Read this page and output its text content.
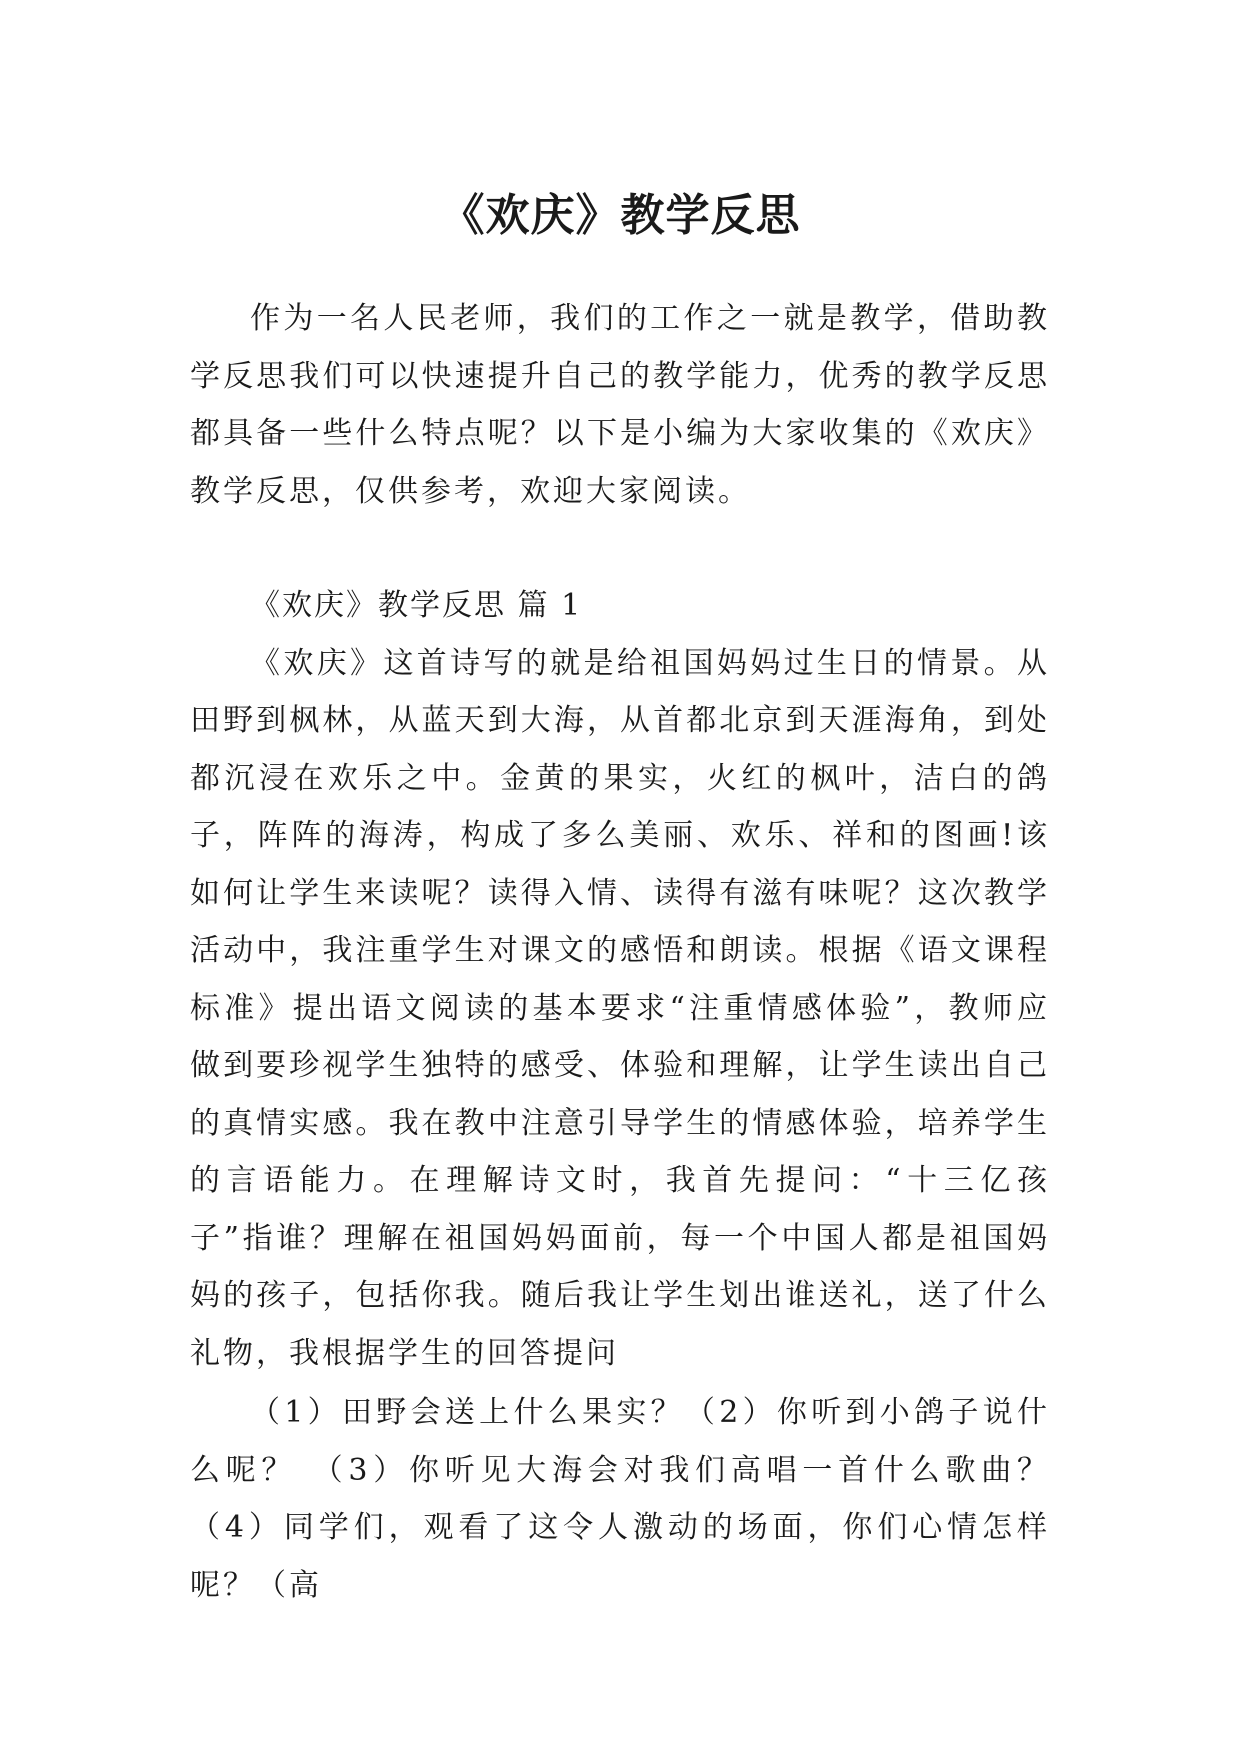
《欢庆》教学反思

作为一名人民老师，我们的工作之一就是教学，借助教学反思我们可以快速提升自己的教学能力，优秀的教学反思都具备一些什么特点呢？以下是小编为大家收集的《欢庆》教学反思，仅供参考，欢迎大家阅读。

《欢庆》教学反思 篇 1

《欢庆》这首诗写的就是给祖国妈妈过生日的情景。从田野到枫林，从蓝天到大海，从首都北京到天涯海角，到处都沉浸在欢乐之中。金黄的果实，火红的枫叶，洁白的鸽子，阵阵的海涛，构成了多么美丽、欢乐、祥和的图画!该如何让学生来读呢？读得入情、读得有滋有味呢？这次教学活动中，我注重学生对课文的感悟和朗读。根据《语文课程标准》提出语文阅读的基本要求“注重情感体验”，教师应做到要珍视学生独特的感受、体验和理解，让学生读出自己的真情实感。我在教中注意引导学生的情感体验，培养学生的言语能力。在理解诗文时，我首先提问：“十三亿孩子”指谁？理解在祖国妈妈面前，每一个中国人都是祖国妈妈的孩子，包括你我。随后我让学生划出谁送礼，送了什么礼物，我根据学生的回答提问

（1）田野会送上什么果实？（2）你听到小鸽子说什么呢？ （3）你听见大海会对我们高唱一首什么歌曲？（4）同学们，观看了这令人激动的场面，你们心情怎样呢？（高
